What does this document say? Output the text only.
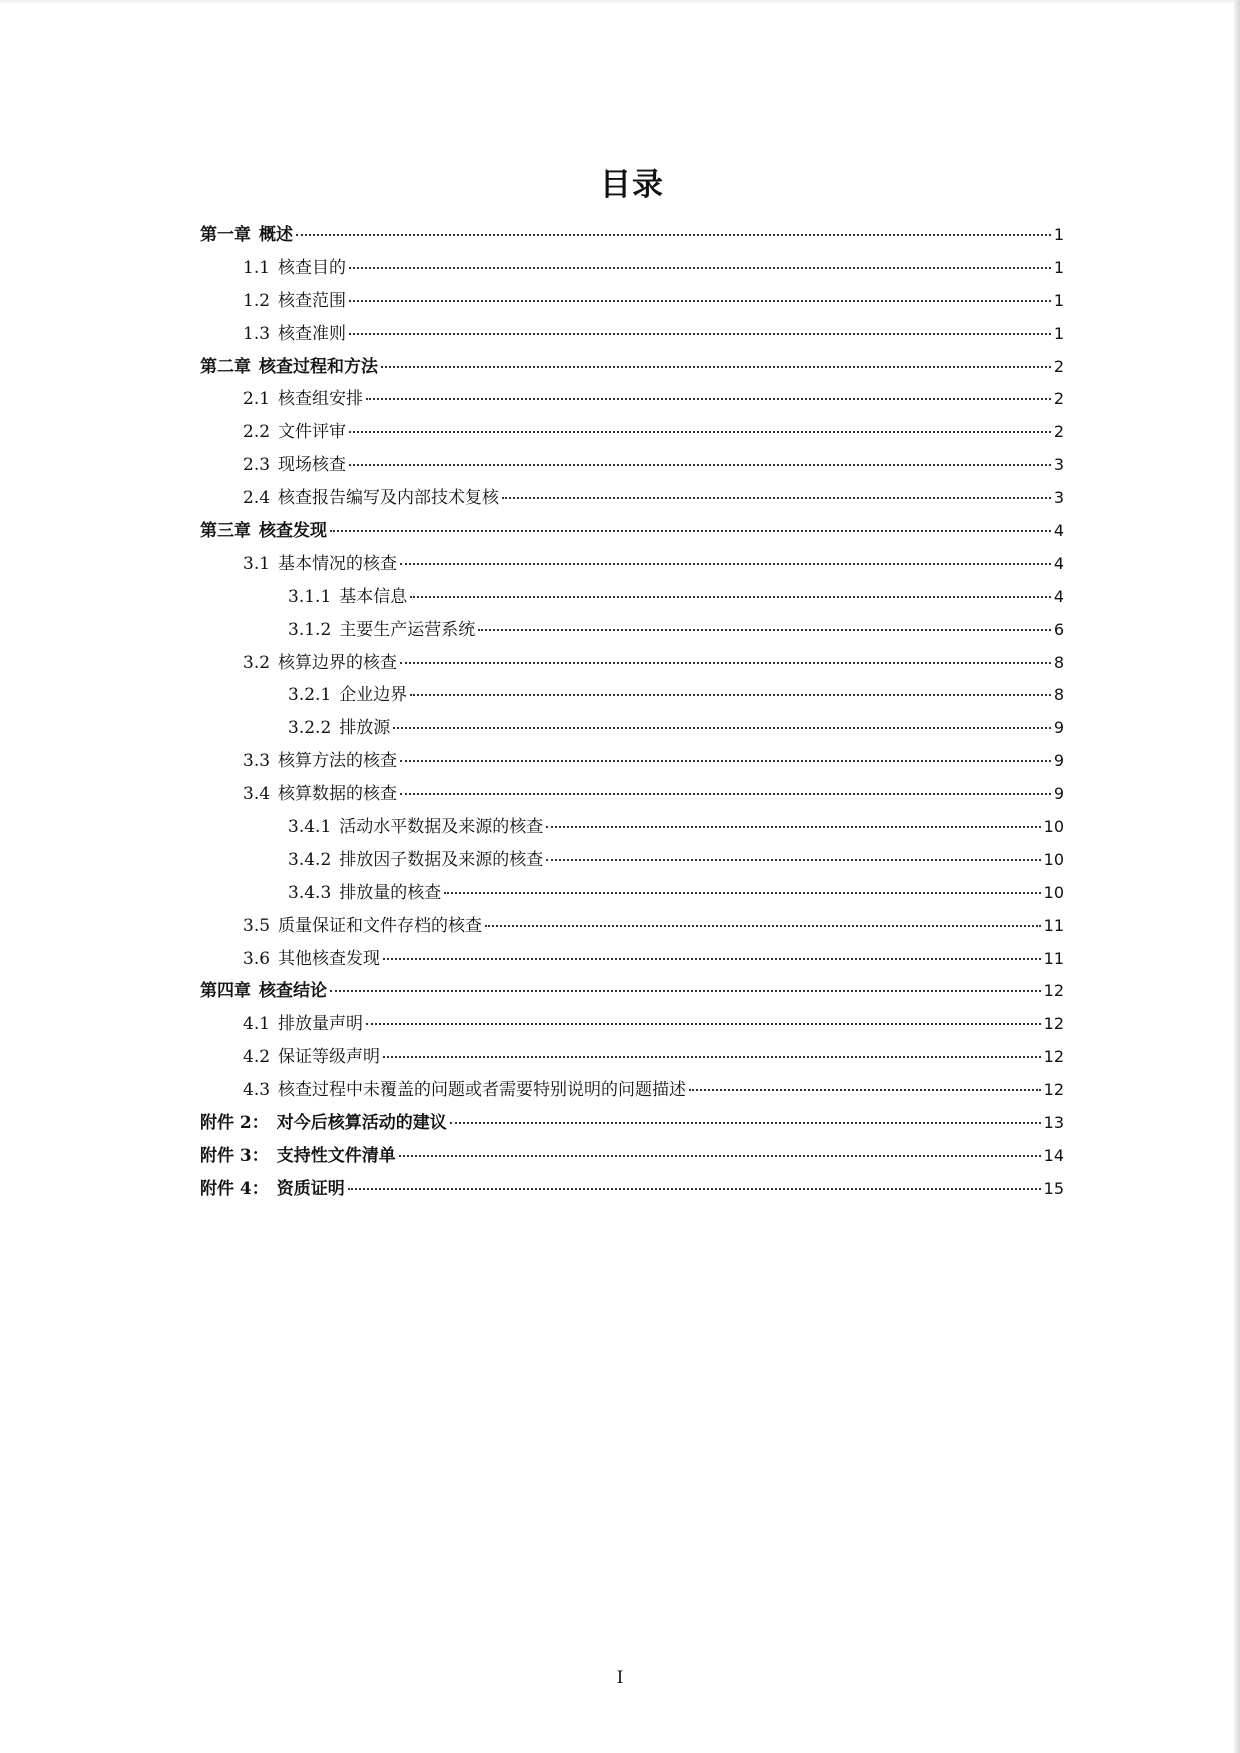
目录
第一章 概述	1
1.1 核查目的	1
1.2 核查范围	1
1.3 核查准则	1
第二章 核查过程和方法	2
2.1 核查组安排	2
2.2 文件评审	2
2.3 现场核查	3
2.4 核查报告编写及内部技术复核	3
第三章 核查发现	4
3.1 基本情况的核查	4
3.1.1 基本信息	4
3.1.2 主要生产运营系统	6
3.2 核算边界的核查	8
3.2.1 企业边界	8
3.2.2 排放源	9
3.3 核算方法的核查	9
3.4 核算数据的核查	9
3.4.1 活动水平数据及来源的核查	10
3.4.2 排放因子数据及来源的核查	10
3.4.3 排放量的核查	10
3.5 质量保证和文件存档的核查	11
3.6 其他核查发现	11
第四章 核查结论	12
4.1 排放量声明	12
4.2 保证等级声明	12
4.3 核查过程中未覆盖的问题或者需要特别说明的问题描述	12
附件 2： 对今后核算活动的建议	13
附件 3： 支持性文件清单	14
附件 4： 资质证明	15
I
